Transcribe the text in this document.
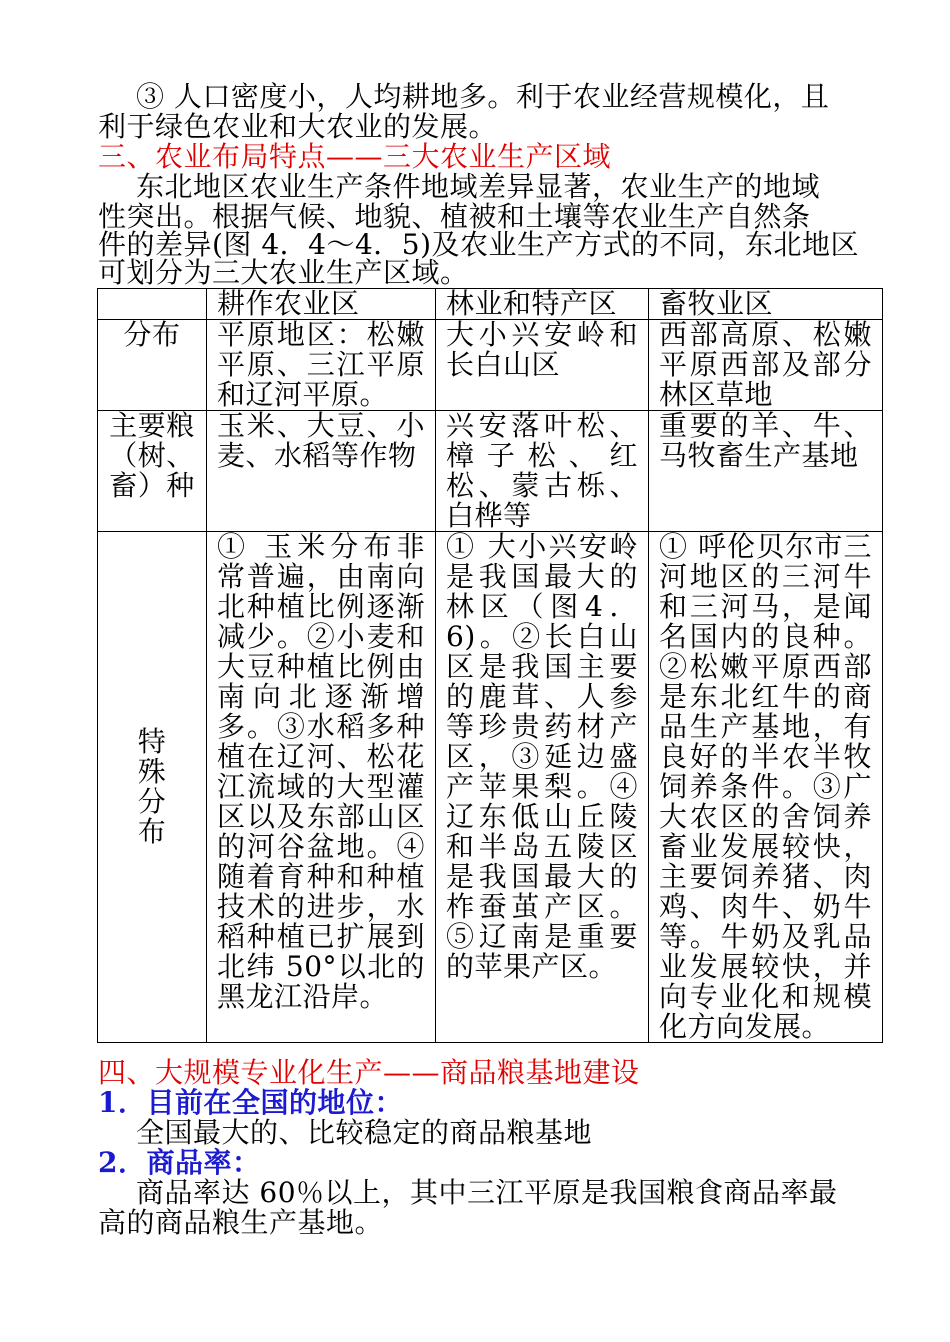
③ 人口密度小，人均耕地多。利于农业经营规模化，且
利于绿色农业和大农业的发展。
三、农业布局特点——三大农业生产区域
东北地区农业生产条件地域差异显著，农业生产的地域
性突出。根据气候、地貌、植被和土壤等农业生产自然条
件的差异(图 4．4～4．5)及农业生产方式的不同，东北地区
可划分为三大农业生产区域。
	耕作农业区	林业和特产区	畜牧业区
分布	平原地区：松嫩平原、三江平原和辽河平原。	大小兴安岭和长白山区	西部高原、松嫩平原西部及部分林区草地
主要粮（树、畜）种	玉米、大豆、小麦、水稻等作物	兴安落叶松、樟子松、红松、蒙古栎、白桦等	重要的羊、牛、马牧畜生产基地

特殊分布	① 玉米分布非常普遍，由南向北种植比例逐渐减少。②小麦和大豆种植比例由南向北逐渐增多。③水稻多种植在辽河、松花江流域的大型灌区以及东部山区的河谷盆地。④随着育种和种植技术的进步，水稻种植已扩展到北纬 50°以北的黑龙江沿岸。	① 大小兴安岭是我国最大的林区（图4．6)。②长白山区是我国主要的鹿茸、人参等珍贵药材产区，③延边盛产苹果梨。④辽东低山丘陵和半岛五陵区是我国最大的柞蚕茧产区。⑤辽南是重要的苹果产区。	① 呼伦贝尔市三河地区的三河牛和三河马，是闻名国内的良种。②松嫩平原西部是东北红牛的商品生产基地，有良好的半农半牧饲养条件。③广大农区的舍饲养畜业发展较快，主要饲养猪、肉鸡、肉牛、奶牛等。牛奶及乳品业发展较快，并向专业化和规模化方向发展。
四、大规模专业化生产——商品粮基地建设
1．目前在全国的地位：
全国最大的、比较稳定的商品粮基地
2．商品率：
商品率达 60％以上，其中三江平原是我国粮食商品率最
高的商品粮生产基地。
